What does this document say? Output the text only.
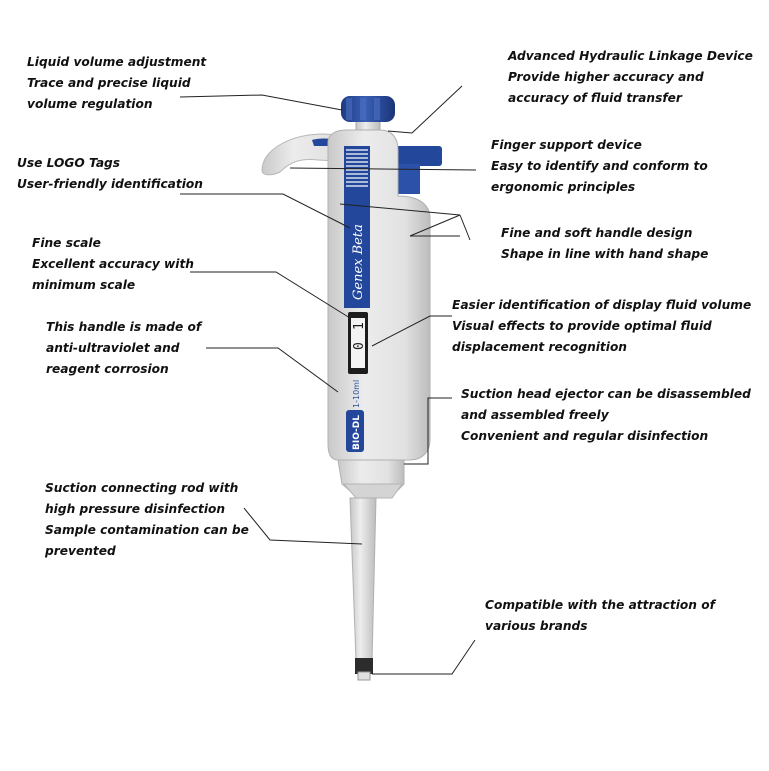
Genex Beta
1
0
1-10ml
BIO-DL
Liquid volume adjustment
Trace and precise liquid
volume regulation
Advanced Hydraulic Linkage Device
Provide higher accuracy and
accuracy of fluid transfer
Finger support device
Easy to identify and conform to
ergonomic principles
Use LOGO Tags
User-friendly identification
Fine and soft handle design
Shape in line with hand shape
Fine scale
Excellent accuracy with
minimum scale
Easier identification of display fluid volume
Visual effects to provide optimal fluid
displacement recognition
This handle is made of
anti-ultraviolet and
reagent corrosion
Suction head ejector can be disassembled
and assembled freely
Convenient and regular disinfection
Suction connecting rod with
high pressure disinfection
Sample contamination can be
prevented
Compatible with the attraction of
various brands
